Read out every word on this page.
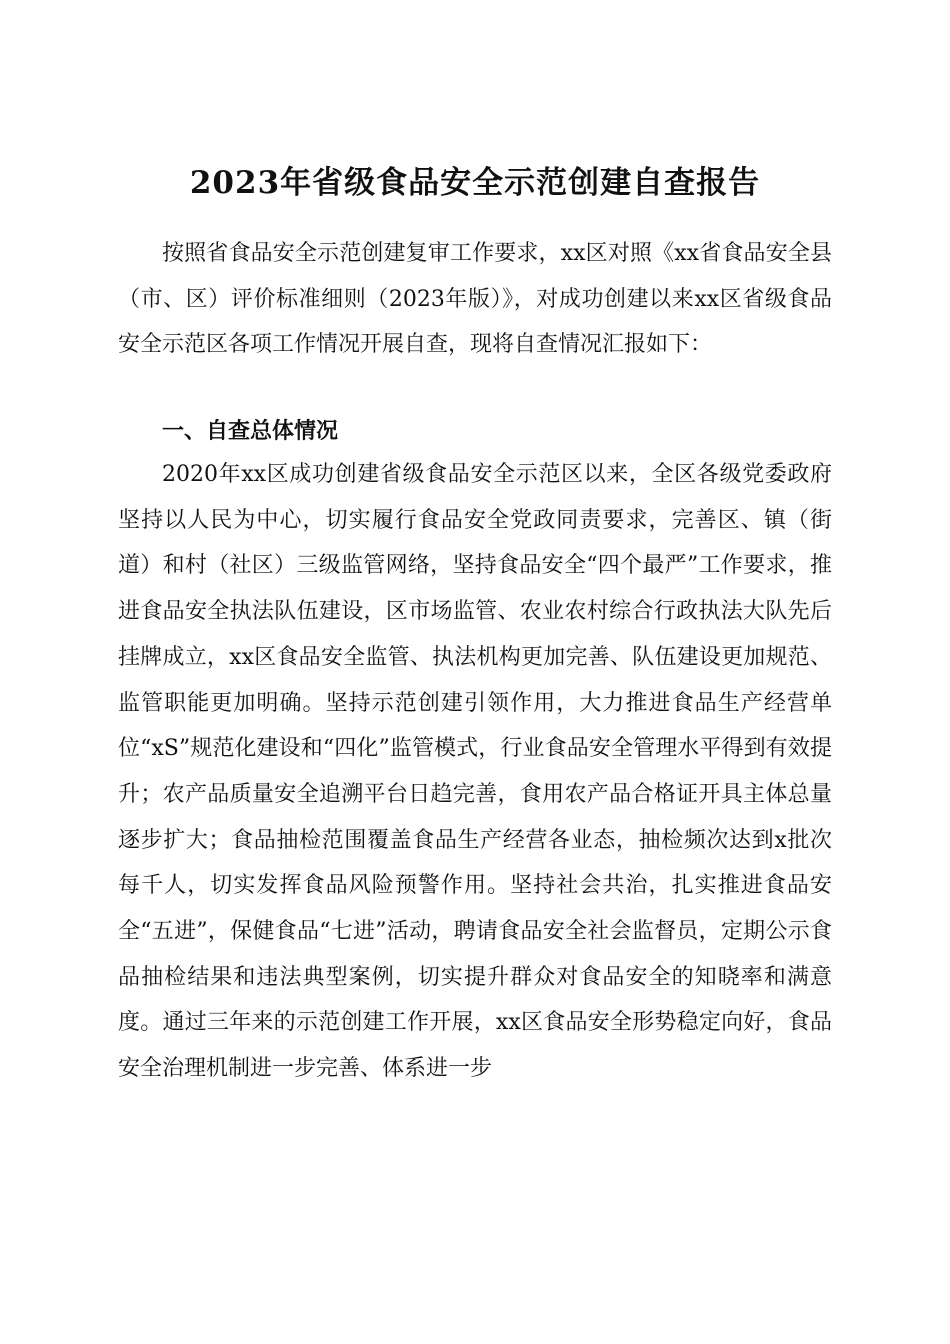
2023年省级食品安全示范创建自查报告

按照省食品安全示范创建复审工作要求，xx区对照《xx省食品安全县（市、区）评价标准细则（2023年版）》，对成功创建以来xx区省级食品安全示范区各项工作情况开展自查，现将自查情况汇报如下：

一、自查总体情况

2020年xx区成功创建省级食品安全示范区以来，全区各级党委政府坚持以人民为中心，切实履行食品安全党政同责要求，完善区、镇（街道）和村（社区）三级监管网络，坚持食品安全“四个最严”工作要求，推进食品安全执法队伍建设，区市场监管、农业农村综合行政执法大队先后挂牌成立，xx区食品安全监管、执法机构更加完善、队伍建设更加规范、监管职能更加明确。坚持示范创建引领作用，大力推进食品生产经营单位“xS”规范化建设和“四化”监管模式，行业食品安全管理水平得到有效提升；农产品质量安全追溯平台日趋完善，食用农产品合格证开具主体总量逐步扩大；食品抽检范围覆盖食品生产经营各业态，抽检频次达到x批次每千人，切实发挥食品风险预警作用。坚持社会共治，扎实推进食品安全“五进”，保健食品“七进”活动，聘请食品安全社会监督员，定期公示食品抽检结果和违法典型案例，切实提升群众对食品安全的知晓率和满意度。通过三年来的示范创建工作开展，xx区食品安全形势稳定向好，食品安全治理机制进一步完善、体系进一步
